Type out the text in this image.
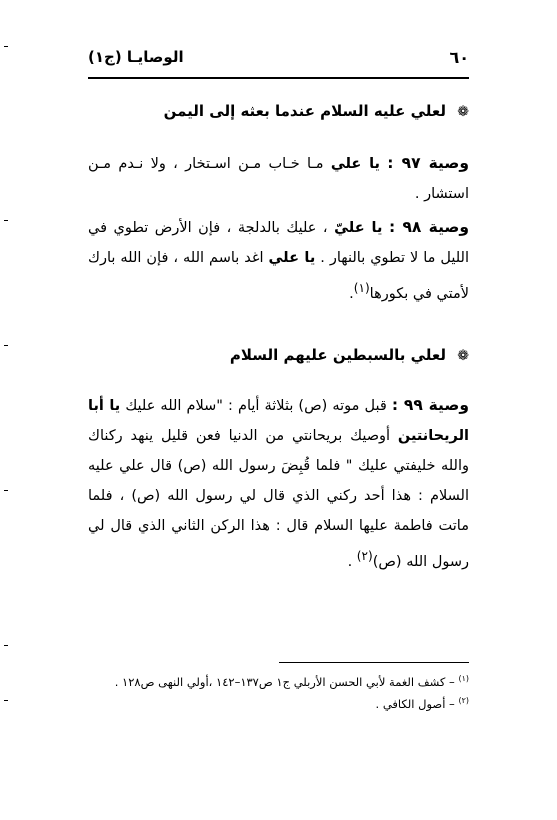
٦٠
الوصايـا (ج١)
❁ لعلي عليه السلام عندما بعثه إلى اليمن
وصية ٩٧ : يا علي مـا خـاب مـن اسـتخار ، ولا نـدم مـن استشار .
وصية ٩٨ : يا عليّ ، عليك بالدلجة ، فإن الأرض تطوي في الليل ما لا تطوي بالنهار . يا علي اغد باسم الله ، فإن الله بارك لأمتي في بكورها$^{(١)}$.
❁ لعلي بالسبطين عليهم السلام
وصية ٩٩ : قبل موته (ص) بثلاثة أيام : "سلام الله عليك يا أبا الريحانتين أوصيك بريحانتي من الدنيا فعن قليل ينهد ركناك والله خليفتي عليك " فلما قُبِضَ رسول الله (ص) قال علي عليه السلام : هذا أحد ركني الذي قال لي رسول الله (ص) ، فلما ماتت فاطمة عليها السلام قال : هذا الركن الثاني الذي قال لي رسول الله (ص)$^{(٢)}$ .
$^{(١)}$ – كشف الغمة لأبي الحسن الأربلي ج١ ص١٣٧–١٤٢ ،أولي النهى ص١٢٨ .
$^{(٢)}$ – أصول الكافي .
